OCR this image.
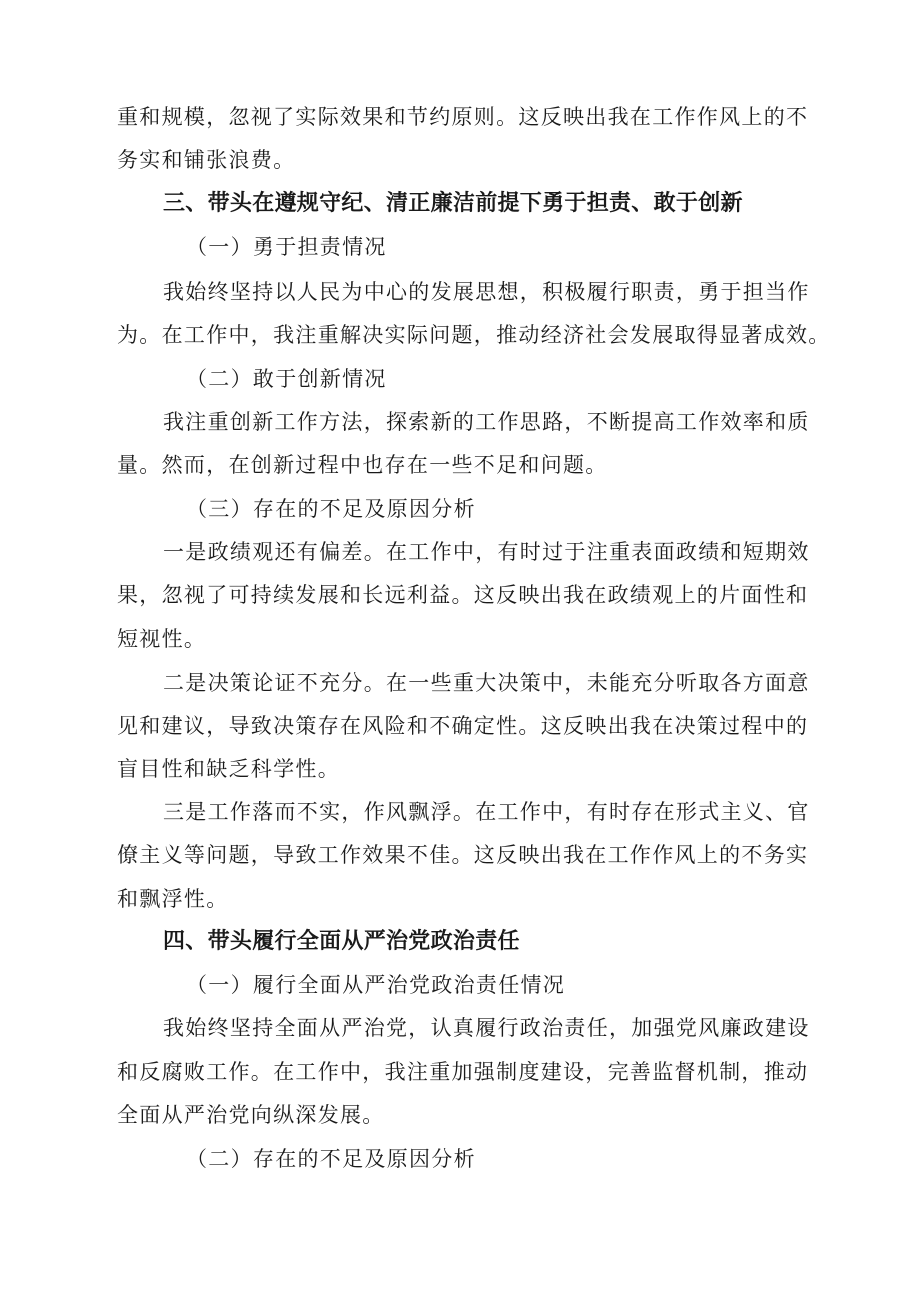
重和规模，忽视了实际效果和节约原则。这反映出我在工作作风上的不
务实和铺张浪费。
三、带头在遵规守纪、清正廉洁前提下勇于担责、敢于创新
（一）勇于担责情况
我始终坚持以人民为中心的发展思想，积极履行职责，勇于担当作
为。在工作中，我注重解决实际问题，推动经济社会发展取得显著成效。
（二）敢于创新情况
我注重创新工作方法，探索新的工作思路，不断提高工作效率和质
量。然而，在创新过程中也存在一些不足和问题。
（三）存在的不足及原因分析
一是政绩观还有偏差。在工作中，有时过于注重表面政绩和短期效
果，忽视了可持续发展和长远利益。这反映出我在政绩观上的片面性和
短视性。
二是决策论证不充分。在一些重大决策中，未能充分听取各方面意
见和建议，导致决策存在风险和不确定性。这反映出我在决策过程中的
盲目性和缺乏科学性。
三是工作落而不实，作风飘浮。在工作中，有时存在形式主义、官
僚主义等问题，导致工作效果不佳。这反映出我在工作作风上的不务实
和飘浮性。
四、带头履行全面从严治党政治责任
（一）履行全面从严治党政治责任情况
我始终坚持全面从严治党，认真履行政治责任，加强党风廉政建设
和反腐败工作。在工作中，我注重加强制度建设，完善监督机制，推动
全面从严治党向纵深发展。
（二）存在的不足及原因分析
